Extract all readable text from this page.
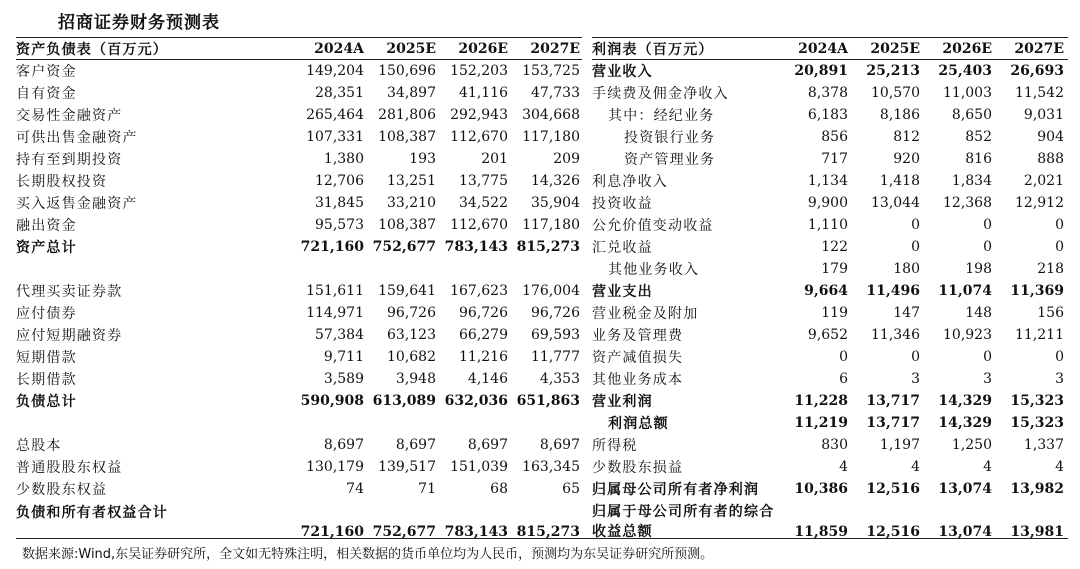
招商证券财务预测表
资产负债表（百万元）	2024A	2025E	2026E	2027E
客户资金	149,204	150,696	152,203	153,725
自有资金	28,351	34,897	41,116	47,733
交易性金融资产	265,464	281,806	292,943	304,668
可供出售金融资产	107,331	108,387	112,670	117,180
持有至到期投资	1,380	193	201	209
长期股权投资	12,706	13,251	13,775	14,326
买入返售金融资产	31,845	33,210	34,522	35,904
融出资金	95,573	108,387	112,670	117,180
资产总计	721,160 752,677 783,143 815,273
代理买卖证券款	151,611	159,641	167,623	176,004
应付债券	114,971	96,726	96,726	96,726
应付短期融资券	57,384	63,123	66,279	69,593
短期借款	9,711	10,682	11,216	11,777
长期借款	3,589	3,948	4,146	4,353
负债总计	590,908 613,089 632,036 651,863
总股本	8,697	8,697	8,697	8,697
普通股股东权益	130,179	139,517	151,039	163,345
少数股东权益	74	71	68	65
负债和所有者权益合计
721,160 752,677 783,143 815,273
利润表（百万元）	2024A	2025E	2026E	2027E
营业收入	20,891	25,213	25,403	26,693
手续费及佣金净收入	8,378	10,570	11,003	11,542
其中：经纪业务	6,183	8,186	8,650	9,031
投资银行业务	856	812	852	904
资产管理业务	717	920	816	888
利息净收入	1,134	1,418	1,834	2,021
投资收益	9,900	13,044	12,368	12,912
公允价值变动收益	1,110	0	0	0
汇兑收益	122	0	0	0
其他业务收入	179	180	198	218
营业支出	9,664	11,496	11,074	11,369
营业税金及附加	119	147	148	156
业务及管理费	9,652	11,346	10,923	11,211
资产减值损失	0	0	0	0
其他业务成本	6	3	3	3
营业利润	11,228	13,717	14,329	15,323
利润总额	11,219	13,717	14,329	15,323
所得税	830	1,197	1,250	1,337
少数股东损益	4	4	4	4
归属母公司所有者净利润	10,386	12,516	13,074	13,982
归属于母公司所有者的综合收益总额	11,859	12,516	13,074	13,981
数据来源:Wind,东吴证券研究所，全文如无特殊注明，相关数据的货币单位均为人民币，预测均为东吴证券研究所预测。
